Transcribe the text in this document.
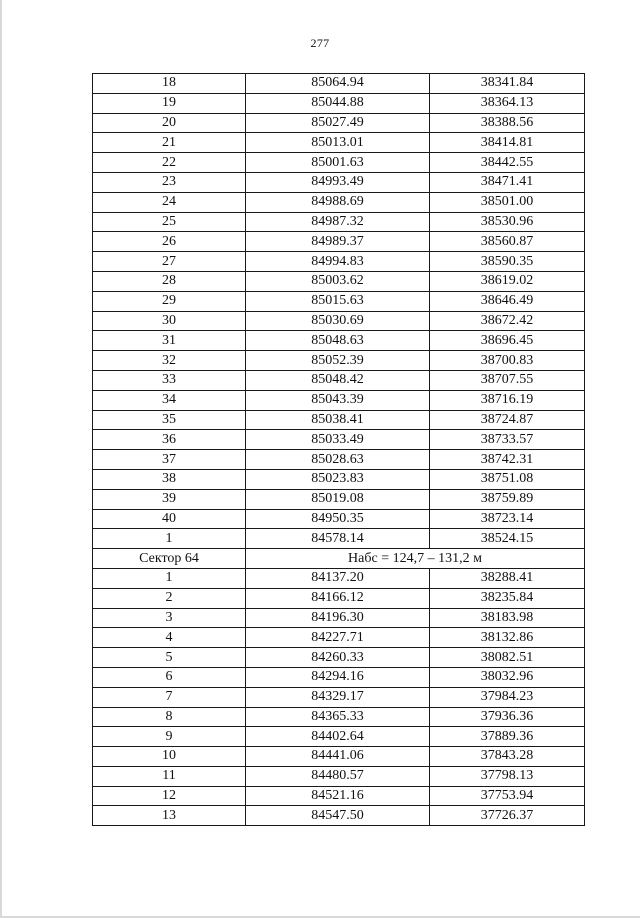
277
18	85064.94	38341.84
19	85044.88	38364.13
20	85027.49	38388.56
21	85013.01	38414.81
22	85001.63	38442.55
23	84993.49	38471.41
24	84988.69	38501.00
25	84987.32	38530.96
26	84989.37	38560.87
27	84994.83	38590.35
28	85003.62	38619.02
29	85015.63	38646.49
30	85030.69	38672.42
31	85048.63	38696.45
32	85052.39	38700.83
33	85048.42	38707.55
34	85043.39	38716.19
35	85038.41	38724.87
36	85033.49	38733.57
37	85028.63	38742.31
38	85023.83	38751.08
39	85019.08	38759.89
40	84950.35	38723.14
1	84578.14	38524.15
Сектор 64	Набс = 124,7 – 131,2 м	
1	84137.20	38288.41
2	84166.12	38235.84
3	84196.30	38183.98
4	84227.71	38132.86
5	84260.33	38082.51
6	84294.16	38032.96
7	84329.17	37984.23
8	84365.33	37936.36
9	84402.64	37889.36
10	84441.06	37843.28
11	84480.57	37798.13
12	84521.16	37753.94
13	84547.50	37726.37
